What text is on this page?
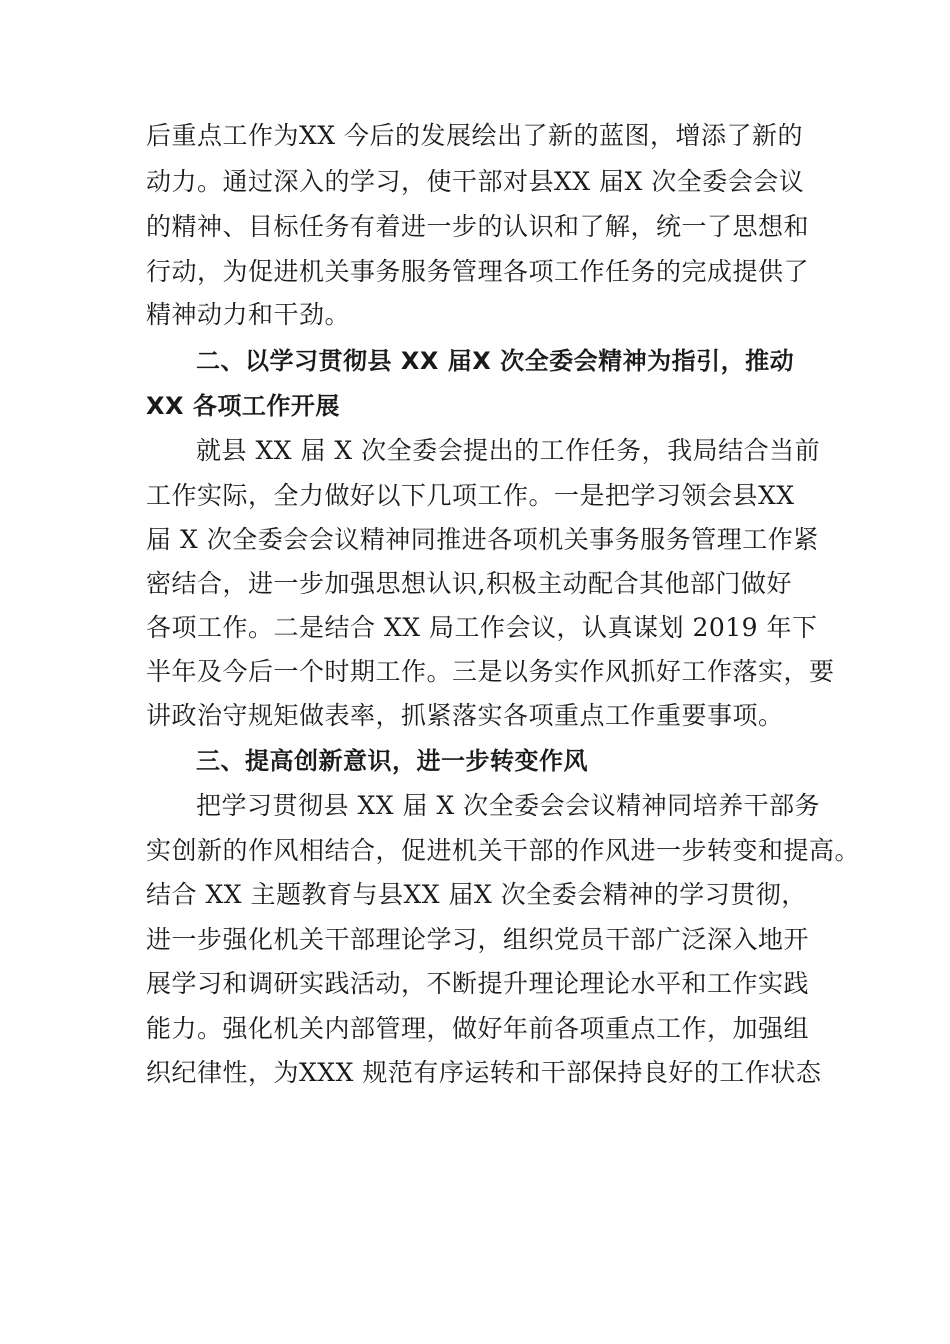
后重点工作为XX 今后的发展绘出了新的蓝图，增添了新的
动力。通过深入的学习，使干部对县XX 届X 次全委会会议
的精神、目标任务有着进一步的认识和了解，统一了思想和
行动，为促进机关事务服务管理各项工作任务的完成提供了
精神动力和干劲。
二、以学习贯彻县 XX 届X 次全委会精神为指引，推动
XX 各项工作开展
就县 XX 届 X 次全委会提出的工作任务，我局结合当前
工作实际，全力做好以下几项工作。一是把学习领会县XX
届 X 次全委会会议精神同推进各项机关事务服务管理工作紧
密结合，进一步加强思想认识,积极主动配合其他部门做好
各项工作。二是结合 XX 局工作会议，认真谋划 2019 年下
半年及今后一个时期工作。三是以务实作风抓好工作落实，要
讲政治守规矩做表率，抓紧落实各项重点工作重要事项。
三、提高创新意识，进一步转变作风
把学习贯彻县 XX 届 X 次全委会会议精神同培养干部务
实创新的作风相结合，促进机关干部的作风进一步转变和提高。
结合 XX 主题教育与县XX 届X 次全委会精神的学习贯彻，
进一步强化机关干部理论学习，组织党员干部广泛深入地开
展学习和调研实践活动，不断提升理论理论水平和工作实践
能力。强化机关内部管理，做好年前各项重点工作，加强组
织纪律性，为XXX 规范有序运转和干部保持良好的工作状态
